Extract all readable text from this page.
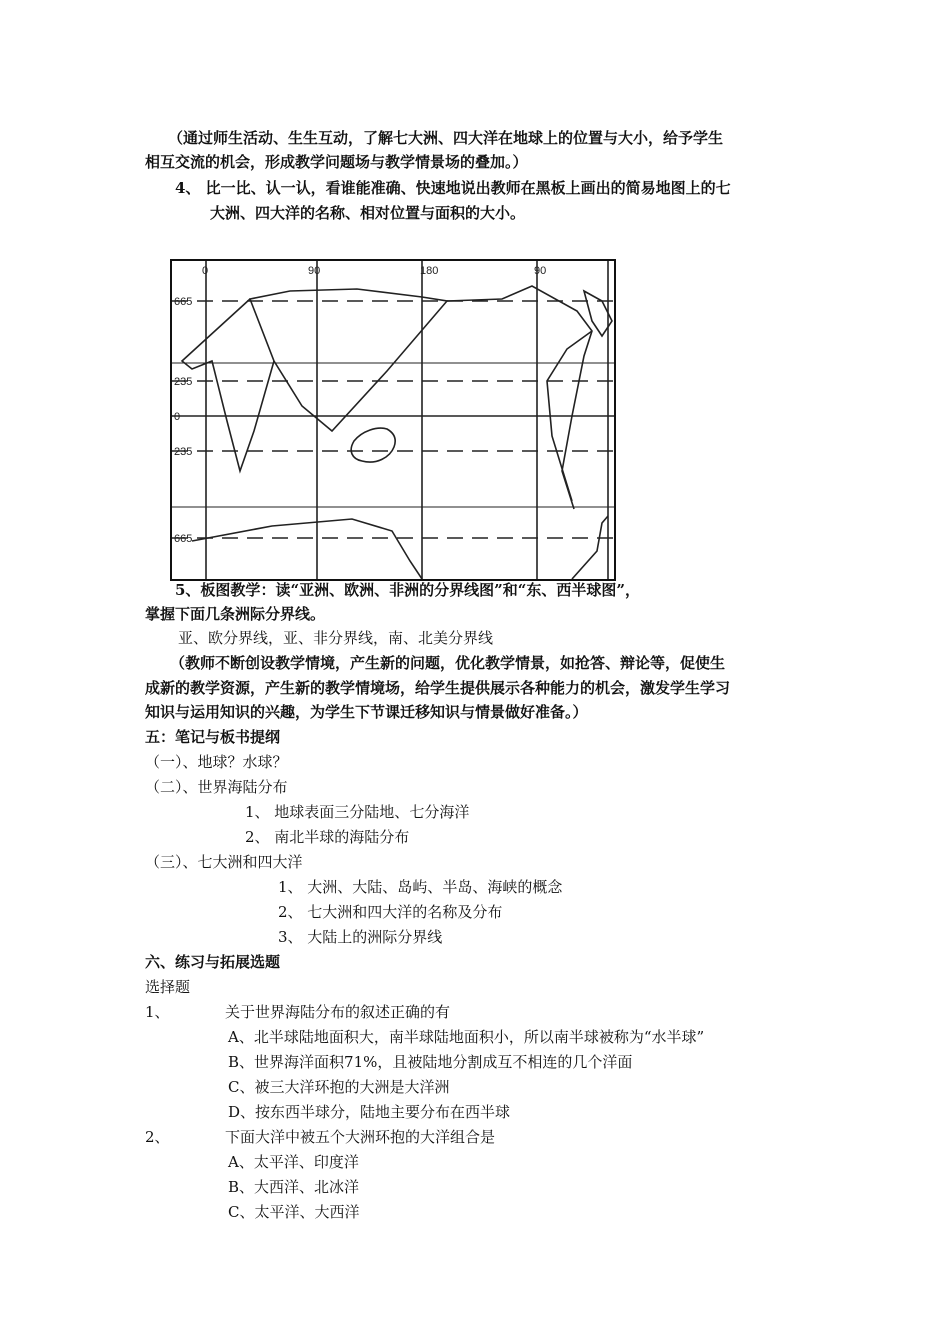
（通过师生活动、生生互动，了解七大洲、四大洋在地球上的位置与大小，给予学生
相互交流的机会，形成教学问题场与教学情景场的叠加。）
4、 比一比、认一认，看谁能准确、快速地说出教师在黑板上画出的简易地图上的七
大洲、四大洋的名称、相对位置与面积的大小。
665
235
0
235
665
0	90	180	90
5、板图教学：读“亚洲、欧洲、非洲的分界线图”和“东、西半球图”，
掌握下面几条洲际分界线。
亚、欧分界线，亚、非分界线，南、北美分界线
（教师不断创设教学情境，产生新的问题，优化教学情景，如抢答、辩论等，促使生
成新的教学资源，产生新的教学情境场，给学生提供展示各种能力的机会，激发学生学习
知识与运用知识的兴趣，为学生下节课迁移知识与情景做好准备。）
五：笔记与板书提纲
（一）、地球？水球？
（二）、世界海陆分布
1、 地球表面三分陆地、七分海洋
2、 南北半球的海陆分布
（三）、七大洲和四大洋
1、 大洲、大陆、岛屿、半岛、海峡的概念
2、 七大洲和四大洋的名称及分布
3、 大陆上的洲际分界线
六、练习与拓展选题
选择题
1、	关于世界海陆分布的叙述正确的有
A、北半球陆地面积大，南半球陆地面积小，所以南半球被称为“水半球”
B、世界海洋面积71%，且被陆地分割成互不相连的几个洋面
C、被三大洋环抱的大洲是大洋洲
D、按东西半球分，陆地主要分布在西半球
2、	下面大洋中被五个大洲环抱的大洋组合是
A、太平洋、印度洋
B、大西洋、北冰洋
C、太平洋、大西洋
